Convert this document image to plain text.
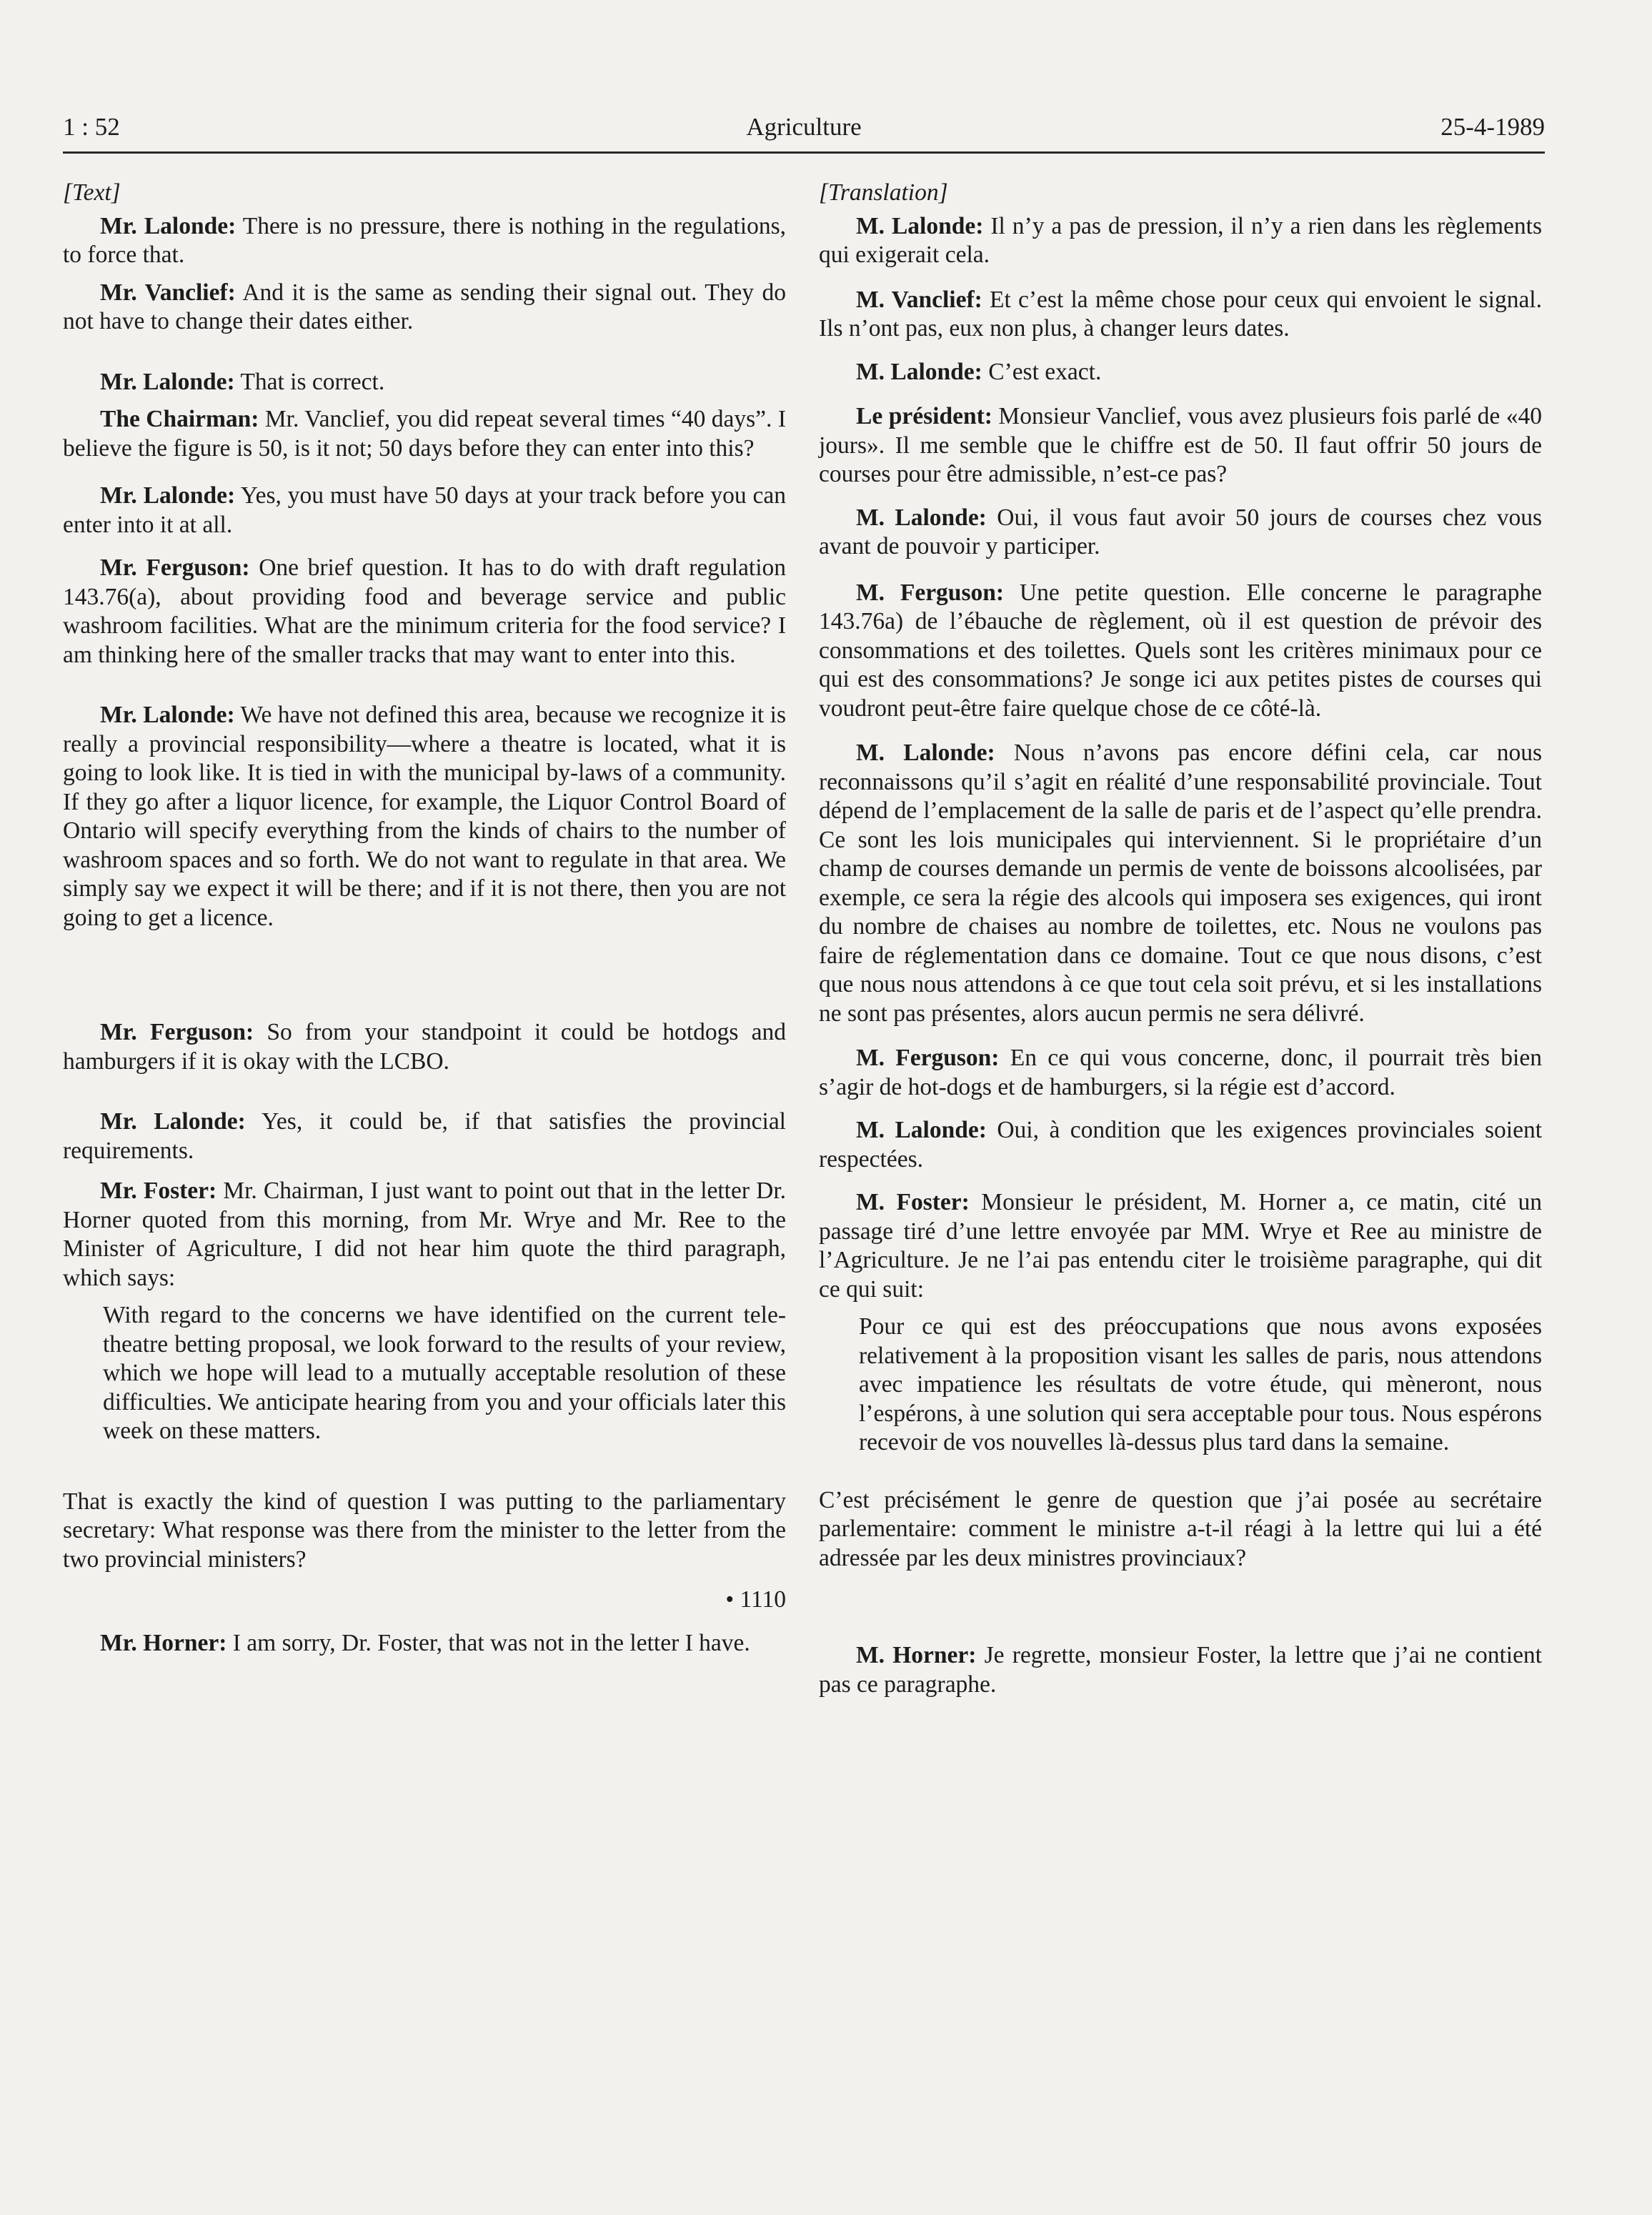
1 : 52	Agriculture	25-4-1989
[Text]

Mr. Lalonde: There is no pressure, there is nothing in the regulations, to force that.

Mr. Vanclief: And it is the same as sending their signal out. They do not have to change their dates either.

Mr. Lalonde: That is correct.

The Chairman: Mr. Vanclief, you did repeat several times “40 days”. I believe the figure is 50, is it not; 50 days before they can enter into this?

Mr. Lalonde: Yes, you must have 50 days at your track before you can enter into it at all.

Mr. Ferguson: One brief question. It has to do with draft regulation 143.76(a), about providing food and beverage service and public washroom facilities. What are the minimum criteria for the food service? I am thinking here of the smaller tracks that may want to enter into this.

Mr. Lalonde: We have not defined this area, because we recognize it is really a provincial responsibility—where a theatre is located, what it is going to look like. It is tied in with the municipal by-laws of a community. If they go after a liquor licence, for example, the Liquor Control Board of Ontario will specify everything from the kinds of chairs to the number of washroom spaces and so forth. We do not want to regulate in that area. We simply say we expect it will be there; and if it is not there, then you are not going to get a licence.

Mr. Ferguson: So from your standpoint it could be hotdogs and hamburgers if it is okay with the LCBO.

Mr. Lalonde: Yes, it could be, if that satisfies the provincial requirements.

Mr. Foster: Mr. Chairman, I just want to point out that in the letter Dr. Horner quoted from this morning, from Mr. Wrye and Mr. Ree to the Minister of Agriculture, I did not hear him quote the third paragraph, which says:

With regard to the concerns we have identified on the current tele-theatre betting proposal, we look forward to the results of your review, which we hope will lead to a mutually acceptable resolution of these difficulties. We anticipate hearing from you and your officials later this week on these matters.

That is exactly the kind of question I was putting to the parliamentary secretary: What response was there from the minister to the letter from the two provincial ministers?

• 1110

Mr. Horner: I am sorry, Dr. Foster, that was not in the letter I have.

[Translation]

M. Lalonde: Il n’y a pas de pression, il n’y a rien dans les règlements qui exigerait cela.

M. Vanclief: Et c’est la même chose pour ceux qui envoient le signal. Ils n’ont pas, eux non plus, à changer leurs dates.

M. Lalonde: C’est exact.

Le président: Monsieur Vanclief, vous avez plusieurs fois parlé de «40 jours». Il me semble que le chiffre est de 50. Il faut offrir 50 jours de courses pour être admissible, n’est-ce pas?

M. Lalonde: Oui, il vous faut avoir 50 jours de courses chez vous avant de pouvoir y participer.

M. Ferguson: Une petite question. Elle concerne le paragraphe 143.76a) de l’ébauche de règlement, où il est question de prévoir des consommations et des toilettes. Quels sont les critères minimaux pour ce qui est des consommations? Je songe ici aux petites pistes de courses qui voudront peut-être faire quelque chose de ce côté-là.

M. Lalonde: Nous n’avons pas encore défini cela, car nous reconnaissons qu’il s’agit en réalité d’une responsabilité provinciale. Tout dépend de l’emplacement de la salle de paris et de l’aspect qu’elle prendra. Ce sont les lois municipales qui interviennent. Si le propriétaire d’un champ de courses demande un permis de vente de boissons alcoolisées, par exemple, ce sera la régie des alcools qui imposera ses exigences, qui iront du nombre de chaises au nombre de toilettes, etc. Nous ne voulons pas faire de réglementation dans ce domaine. Tout ce que nous disons, c’est que nous nous attendons à ce que tout cela soit prévu, et si les installations ne sont pas présentes, alors aucun permis ne sera délivré.

M. Ferguson: En ce qui vous concerne, donc, il pourrait très bien s’agir de hot-dogs et de hamburgers, si la régie est d’accord.

M. Lalonde: Oui, à condition que les exigences provinciales soient respectées.

M. Foster: Monsieur le président, M. Horner a, ce matin, cité un passage tiré d’une lettre envoyée par MM. Wrye et Ree au ministre de l’Agriculture. Je ne l’ai pas entendu citer le troisième paragraphe, qui dit ce qui suit:

Pour ce qui est des préoccupations que nous avons exposées relativement à la proposition visant les salles de paris, nous attendons avec impatience les résultats de votre étude, qui mèneront, nous l’espérons, à une solution qui sera acceptable pour tous. Nous espérons recevoir de vos nouvelles là-dessus plus tard dans la semaine.

C’est précisément le genre de question que j’ai posée au secrétaire parlementaire: comment le ministre a-t-il réagi à la lettre qui lui a été adressée par les deux ministres provinciaux?

M. Horner: Je regrette, monsieur Foster, la lettre que j’ai ne contient pas ce paragraphe.
